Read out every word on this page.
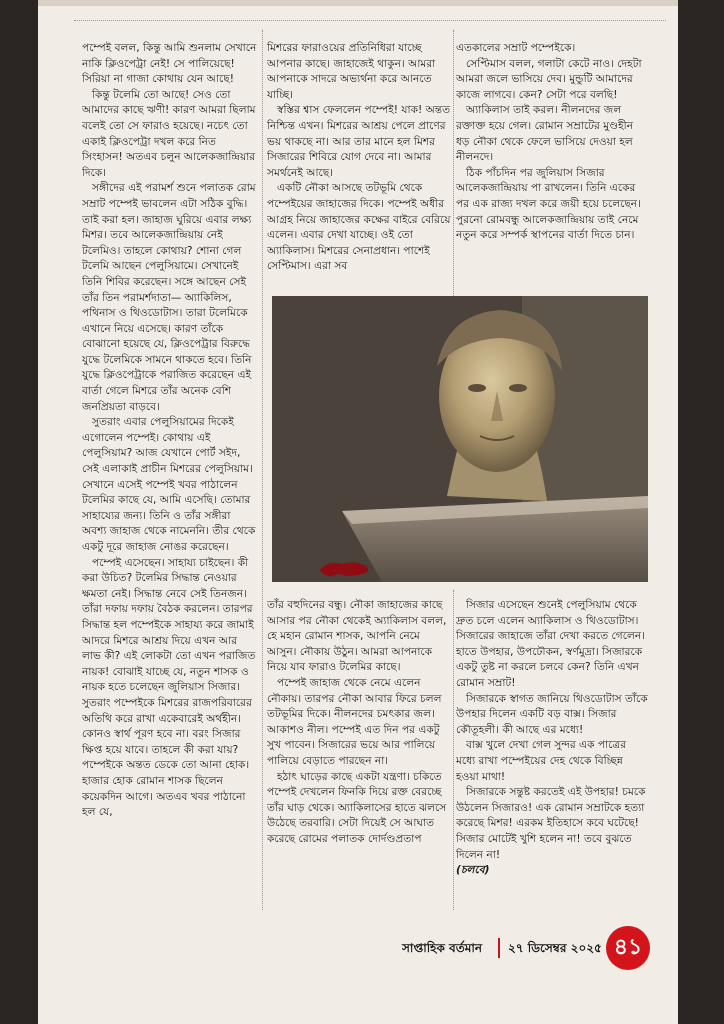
পম্পেই বলল, কিন্তু আমি শুনলাম সেখানে নাকি ক্লিওপেট্রা নেই! সে পালিয়েছে! সিরিয়া না গাজা কোথায় যেন আছে!

কিন্তু টলেমি তো আছে! সেও তো আমাদের কাছে ঋণী! কারণ আমরা ছিলাম বলেই তো সে ফারাও হয়েছে। নচেৎ তো একাই ক্লিওপেট্রা দখল করে নিত সিংহাসন! অতএব চলুন আলেকজান্দ্রিয়ার দিকে।

সঙ্গীদের এই পরামর্শ শুনে পলাতক রোম সম্রাট পম্পেই ভাবলেন এটা সঠিক বুদ্ধি। তাই করা হল। জাহাজ ঘুরিয়ে এবার লক্ষ্য মিশর। তবে আলেকজান্দ্রিয়ায় নেই টলেমিও। তাহলে কোথায়? শোনা গেল টলেমি আছেন পেলুসিয়ামে। সেখানেই তিনি শিবির করেছেন। সঙ্গে আছেন সেই তাঁর তিন পরামর্শদাতা— অ্যাকিলিস, পথিনাস ও থিওডোটাস। তারা টলেমিকে এখানে নিয়ে এসেছে। কারণ তাঁকে বোঝানো হয়েছে যে, ক্লিওপেট্রার বিরুদ্ধে যুদ্ধে টলেমিকে সামনে থাকতে হবে। তিনি যুদ্ধে ক্লিওপেট্রাকে পরাজিত করেছেন এই বার্তা গেলে মিশরে তাঁর অনেক বেশি জনপ্রিয়তা বাড়বে।

সুতরাং এবার পেলুসিয়ামের দিকেই এগোলেন পম্পেই। কোথায় এই পেলুসিয়াম? আজ যেখানে পোর্ট সইদ, সেই এলাকাই প্রাচীন মিশরের পেলুসিয়াম। সেখানে এসেই পম্পেই খবর পাঠালেন টলেমির কাছে যে, আমি এসেছি। তোমার সাহায্যের জন্য। তিনি ও তাঁর সঙ্গীরা অবশ্য জাহাজ থেকে নামেননি। তীর থেকে একটু দূরে জাহাজ নোঙর করেছেন।

পম্পেই এসেছেন। সাহায্য চাইছেন। কী করা উচিত? টলেমির সিদ্ধান্ত নেওয়ার ক্ষমতা নেই। সিদ্ধান্ত নেবে সেই তিনজন। তাঁরা দফায় দফায় বৈঠক করলেন। তারপর সিদ্ধান্ত হল পম্পেইকে সাহায্য করে জামাই আদরে মিশরে আশ্রয় দিয়ে এখন আর লাভ কী? এই লোকটা তো এখন পরাজিত নায়ক! বোঝাই যাচ্ছে যে, নতুন শাসক ও নায়ক হতে চলেছেন জুলিয়াস সিজার। সুতরাং পম্পেইকে মিশরের রাজপরিবারের অতিথি করে রাখা একেবারেই অর্থহীন। কোনও স্বার্থ পূরণ হবে না। বরং সিজার ক্ষিপ্ত হয়ে যাবে। তাহলে কী করা যায়? পম্পেইকে অন্তত ডেকে তো আনা হোক। হাজার হোক রোমান শাসক ছিলেন কয়েকদিন আগে। অতএব খবর পাঠানো হল যে,

মিশরের ফারাওয়ের প্রতিনিধিরা যাচ্ছে আপনার কাছে। জাহাজেই থাকুন। আমরা আপনাকে সাদরে অভ্যর্থনা করে আনতে যাচ্ছি।

স্বস্তির শ্বাস ফেললেন পম্পেই! যাক! অন্তত নিশ্চিন্ত এখন। মিশরের আশ্রয় পেলে প্রাণের ভয় থাকছে না। আর তার মানে হল মিশর সিজারের শিবিরে যোগ দেবে না। আমার সমর্থনেই আছে।

একটি নৌকা আসছে তটভূমি থেকে পম্পেইয়ের জাহাজের দিকে। পম্পেই অধীর আগ্রহ নিয়ে জাহাজের কক্ষের বাইরে বেরিয়ে এলেন। এবার দেখা যাচ্ছে। ওই তো অ্যাকিলাস। মিশরের সেনাপ্রধান। পাশেই সেপ্টিমাস। এরা সব

এতকালের সম্রাট পম্পেইকে।

সেপ্টিমাস বলল, গলাটা কেটে নাও। দেহটা আমরা জলে ভাসিয়ে দেব। মুন্ডুটি আমাদের কাজে লাগবে। কেন? সেটা পরে বলছি!

অ্যাকিলাস তাই করল। নীলনদের জল রক্তাক্ত হয়ে গেল। রোমান সম্রাটের মুণ্ডহীন ধড় নৌকা থেকে ফেলে ভাসিয়ে দেওয়া হল নীলনদে।

ঠিক পাঁচদিন পর জুলিয়াস সিজার আলেকজান্দ্রিয়ায় পা রাখলেন। তিনি একের পর এক রাজ্য দখল করে জয়ী হয়ে চলেছেন। পুরনো রোমবন্ধু আলেকজান্দ্রিয়ায় তাই নেমে নতুন করে সম্পর্ক স্থাপনের বার্তা দিতে চান।

তাঁর বহুদিনের বন্ধু। নৌকা জাহাজের কাছে আসার পর নৌকা থেকেই অ্যাকিলাস বলল, হে মহান রোমান শাসক, আপনি নেমে আসুন। নৌকায় উঠুন। আমরা আপনাকে নিয়ে যাব ফারাও টলেমির কাছে।

পম্পেই জাহাজ থেকে নেমে এলেন নৌকায়। তারপর নৌকা আবার ফিরে চলল তটভূমির দিকে। নীলনদের চমৎকার জল। আকাশও নীল। পম্পেই এত দিন পর একটু সুখ পাবেন। সিজারের ভয়ে আর পালিয়ে পালিয়ে বেড়াতে পারছেন না।

হঠাৎ ঘাড়ের কাছে একটা যন্ত্রণা। চকিতে পম্পেই দেখলেন ফিনকি দিয়ে রক্ত বেরচ্ছে তাঁর ঘাড় থেকে। অ্যাকিলাসের হাতে ঝলসে উঠেছে তরবারি। সেটা দিয়েই সে আঘাত করেছে রোমের পলাতক দোর্দণ্ডপ্রতাপ

সিজার এসেছেন শুনেই পেলুসিয়াম থেকে দ্রুত চলে এলেন অ্যাকিলাস ও থিওডোটাস। সিজারের জাহাজে তাঁরা দেখা করতে গেলেন। হাতে উপহার, উপঢৌকন, স্বর্ণমুদ্রা। সিজারকে একটু তুষ্ট না করলে চলবে কেন? তিনি এখন রোমান সম্রাট!

সিজারকে স্বাগত জানিয়ে থিওডোটাস তাঁকে উপহার দিলেন একটি বড় বাক্স। সিজার কৌতূহলী। কী আছে এর মধ্যে!

বাক্স খুলে দেখা গেল সুন্দর এক পাত্রের মধ্যে রাখা পম্পেইয়ের দেহ থেকে বিচ্ছিন্ন হওয়া মাথা!

সিজারকে সন্তুষ্ট করতেই এই উপহার! চমকে উঠলেন সিজারও! এক রোমান সম্রাটকে হত্যা করেছে মিশর! এরকম ইতিহাসে কবে ঘটেছে! সিজার মোটেই খুশি হলেন না! তবে বুঝতে দিলেন না!

(চলবে)

সাপ্তাহিক বর্তমান ২৭ ডিসেম্বর ২০২৫ ৪১
